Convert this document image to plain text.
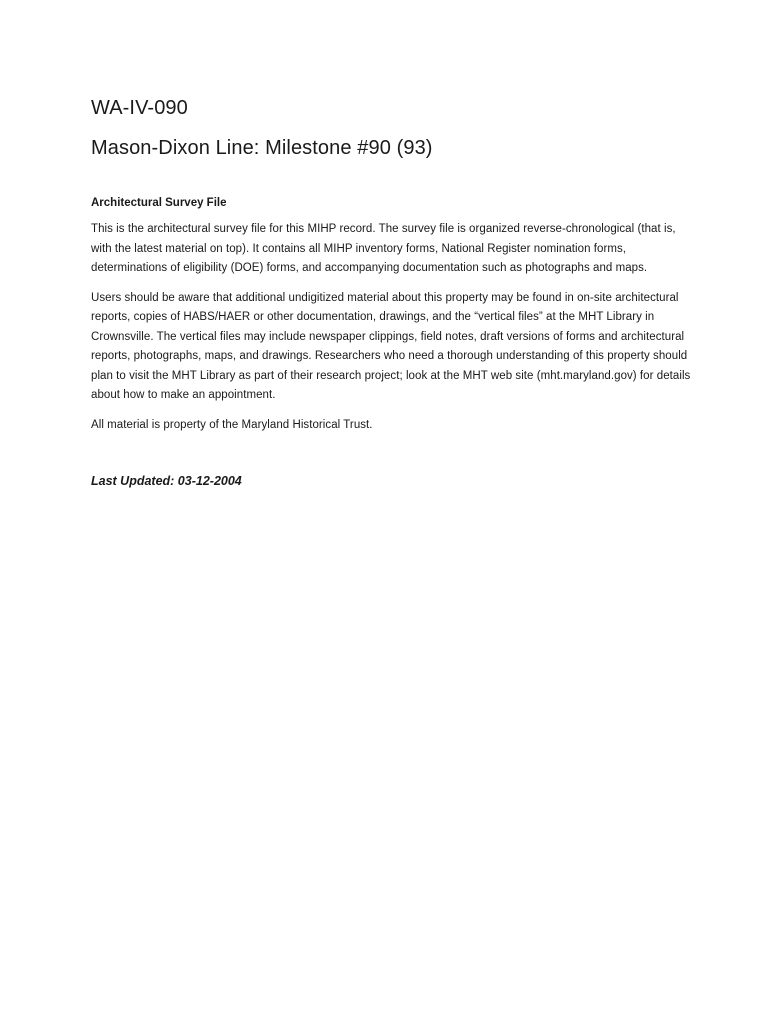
WA-IV-090
Mason-Dixon Line: Milestone #90 (93)
Architectural Survey File

This is the architectural survey file for this MIHP record. The survey file is organized reverse-chronological (that is, with the latest material on top). It contains all MIHP inventory forms, National Register nomination forms, determinations of eligibility (DOE) forms, and accompanying documentation such as photographs and maps.

Users should be aware that additional undigitized material about this property may be found in on-site architectural reports, copies of HABS/HAER or other documentation, drawings, and the “vertical files” at the MHT Library in Crownsville. The vertical files may include newspaper clippings, field notes, draft versions of forms and architectural reports, photographs, maps, and drawings. Researchers who need a thorough understanding of this property should plan to visit the MHT Library as part of their research project; look at the MHT web site (mht.maryland.gov) for details about how to make an appointment.

All material is property of the Maryland Historical Trust.

Last Updated: 03-12-2004
